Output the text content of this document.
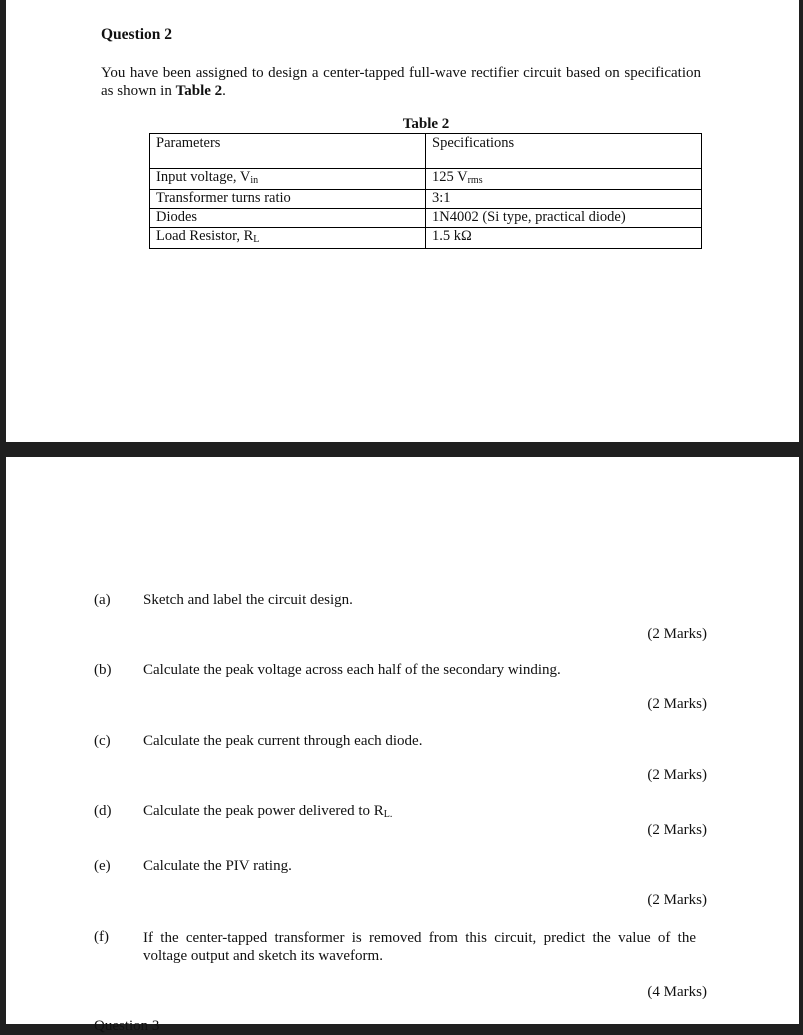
Question 2
You have been assigned to design a center-tapped full-wave rectifier circuit based on specification as shown in Table 2.
Table 2
Parameters	Specifications
Input voltage, $V_{in}$	125 $V_{rms}$
Transformer turns ratio	3:1
Diodes	1N4002 (Si type, practical diode)
Load Resistor, $R_L$	1.5 kΩ
(a) Sketch and label the circuit design.
(2 Marks)
(b) Calculate the peak voltage across each half of the secondary winding.
(2 Marks)
(c) Calculate the peak current through each diode.
(2 Marks)
(d) Calculate the peak power delivered to $R_{L.}$
(2 Marks)
(e) Calculate the PIV rating.
(2 Marks)
(f) If the center-tapped transformer is removed from this circuit, predict the value of the voltage output and sketch its waveform.
(4 Marks)
Question 3
